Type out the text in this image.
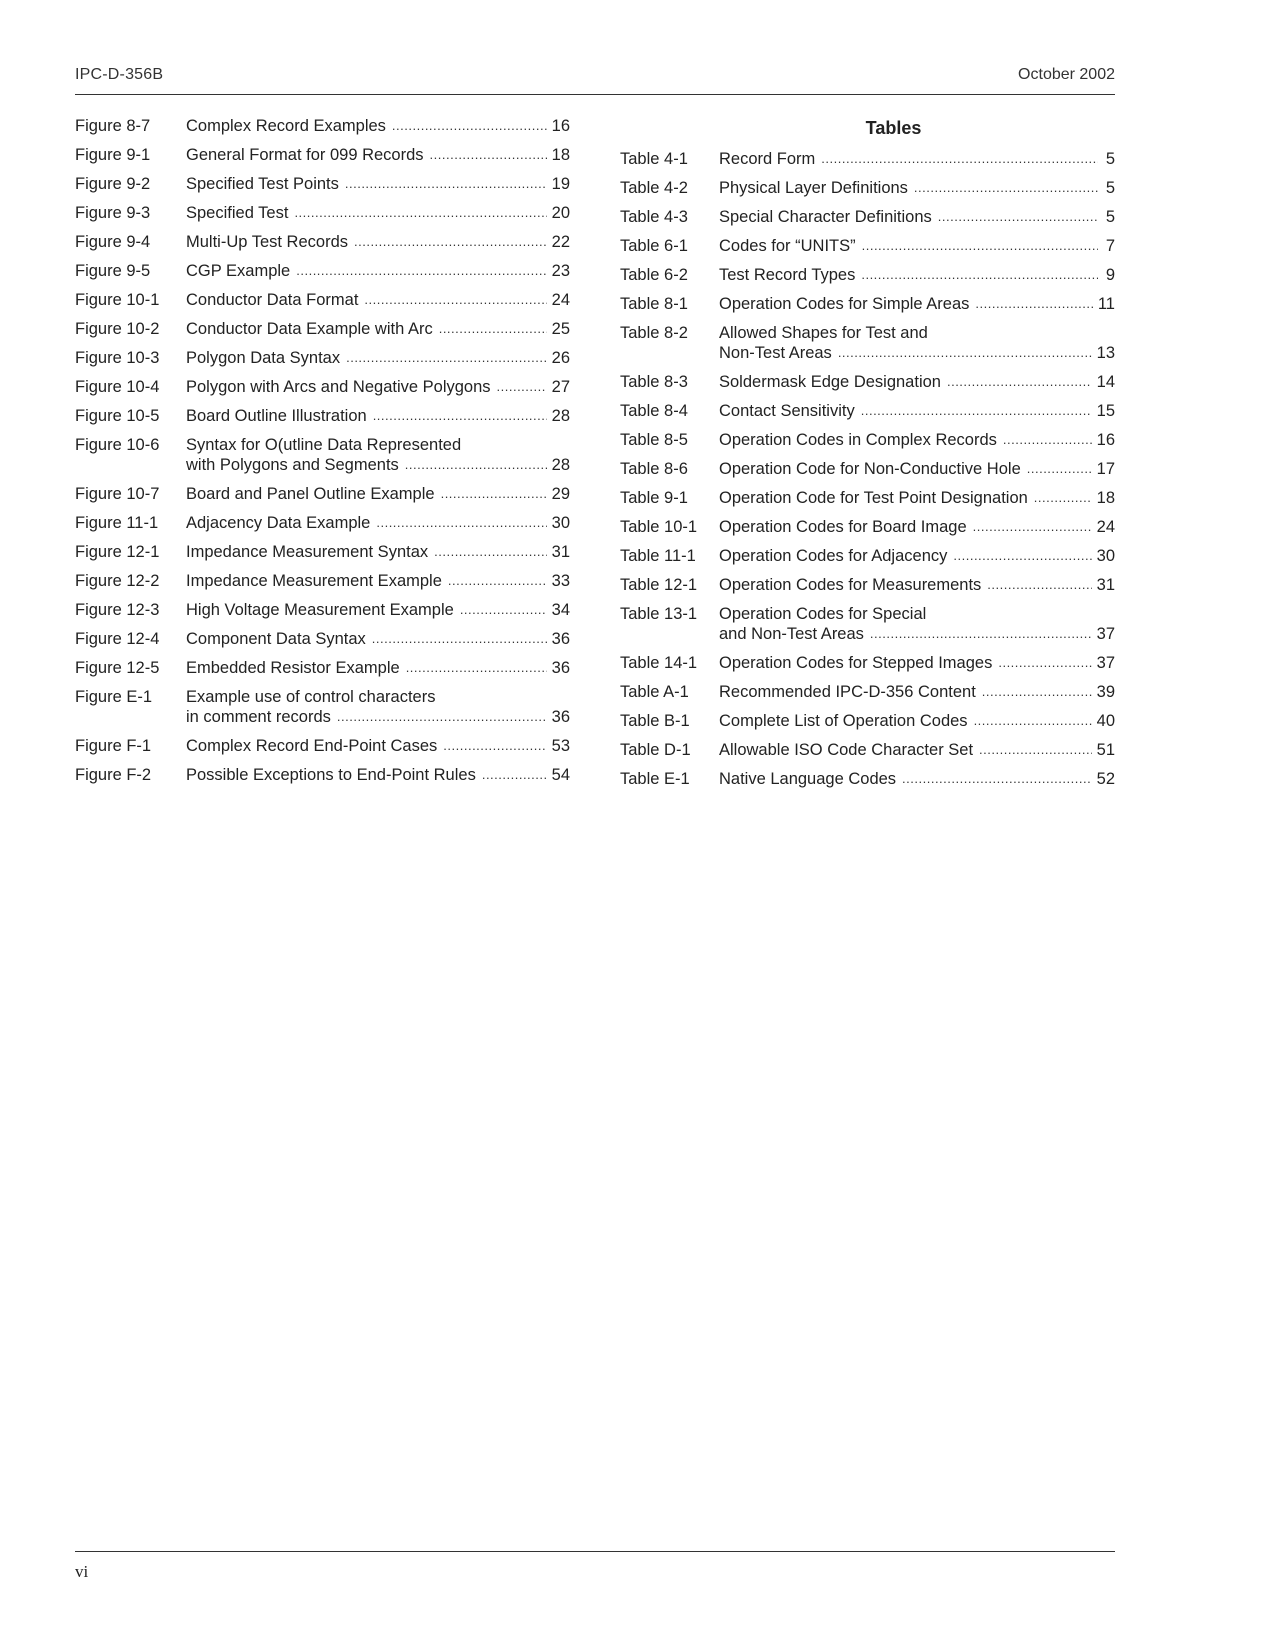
IPC-D-356B	October 2002
Figure 8-7	Complex Record Examples .....	16
Figure 9-1	General Format for 099 Records .....	18
Figure 9-2	Specified Test Points .....	19
Figure 9-3	Specified Test .....	20
Figure 9-4	Multi-Up Test Records .....	22
Figure 9-5	CGP Example .....	23
Figure 10-1	Conductor Data Format .....	24
Figure 10-2	Conductor Data Example with Arc .....	25
Figure 10-3	Polygon Data Syntax .....	26
Figure 10-4	Polygon with Arcs and Negative Polygons .....	27
Figure 10-5	Board Outline Illustration .....	28
Figure 10-6	Syntax for O(utline Data Represented
with Polygons and Segments .....	28
Figure 10-7	Board and Panel Outline Example .....	29
Figure 11-1	Adjacency Data Example .....	30
Figure 12-1	Impedance Measurement Syntax .....	31
Figure 12-2	Impedance Measurement Example .....	33
Figure 12-3	High Voltage Measurement Example .....	34
Figure 12-4	Component Data Syntax .....	36
Figure 12-5	Embedded Resistor Example .....	36
Figure E-1	Example use of control characters
in comment records .....	36
Figure F-1	Complex Record End-Point Cases .....	53
Figure F-2	Possible Exceptions to End-Point Rules .....	54
Tables
Table 4-1	Record Form .....	5
Table 4-2	Physical Layer Definitions .....	5
Table 4-3	Special Character Definitions .....	5
Table 6-1	Codes for “UNITS” .....	7
Table 6-2	Test Record Types .....	9
Table 8-1	Operation Codes for Simple Areas .....	11
Table 8-2	Allowed Shapes for Test and
Non-Test Areas .....	13
Table 8-3	Soldermask Edge Designation .....	14
Table 8-4	Contact Sensitivity .....	15
Table 8-5	Operation Codes in Complex Records .....	16
Table 8-6	Operation Code for Non-Conductive Hole .....	17
Table 9-1	Operation Code for Test Point Designation .....	18
Table 10-1	Operation Codes for Board Image .....	24
Table 11-1	Operation Codes for Adjacency .....	30
Table 12-1	Operation Codes for Measurements .....	31
Table 13-1	Operation Codes for Special
and Non-Test Areas .....	37
Table 14-1	Operation Codes for Stepped Images .....	37
Table A-1	Recommended IPC-D-356 Content .....	39
Table B-1	Complete List of Operation Codes .....	40
Table D-1	Allowable ISO Code Character Set .....	51
Table E-1	Native Language Codes .....	52
vi
